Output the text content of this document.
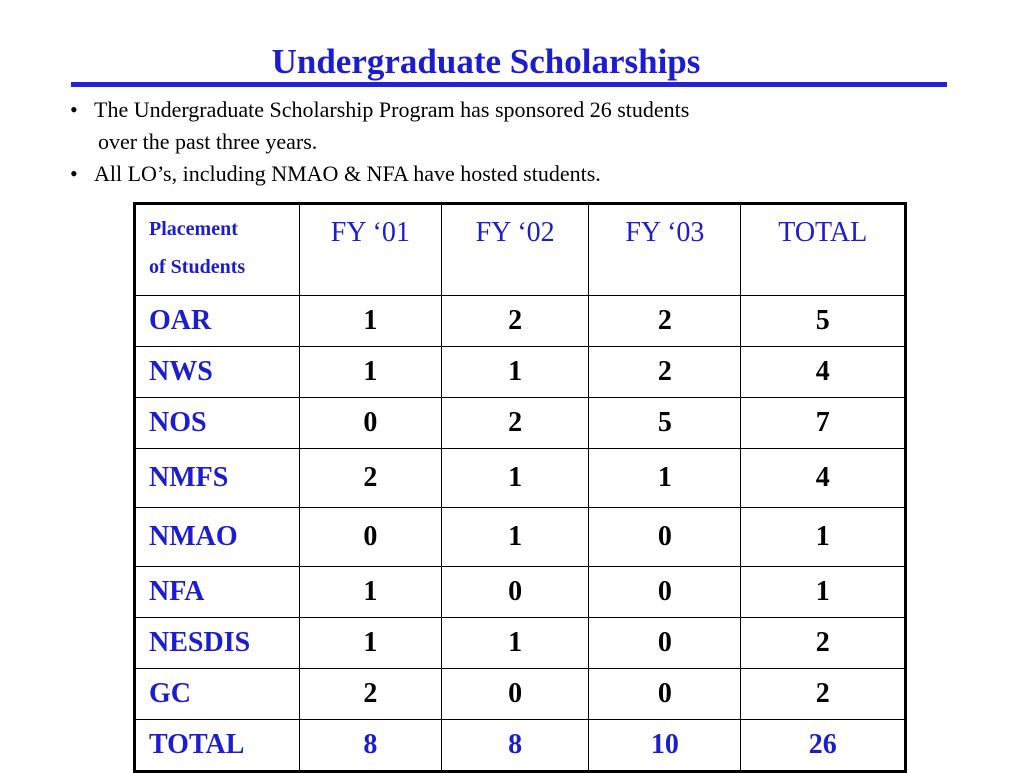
Undergraduate Scholarships
• The Undergraduate Scholarship Program has sponsored 26 students
over the past three years.
• All LO’s, including NMAO & NFA have hosted students.
Placement
of Students	FY ‘01	FY ‘02	FY ‘03	TOTAL
OAR	1	2	2	5
NWS	1	1	2	4
NOS	0	2	5	7
NMFS	2	1	1	4
NMAO	0	1	0	1
NFA	1	0	0	1
NESDIS	1	1	0	2
GC	2	0	0	2
TOTAL	8	8	10	26
